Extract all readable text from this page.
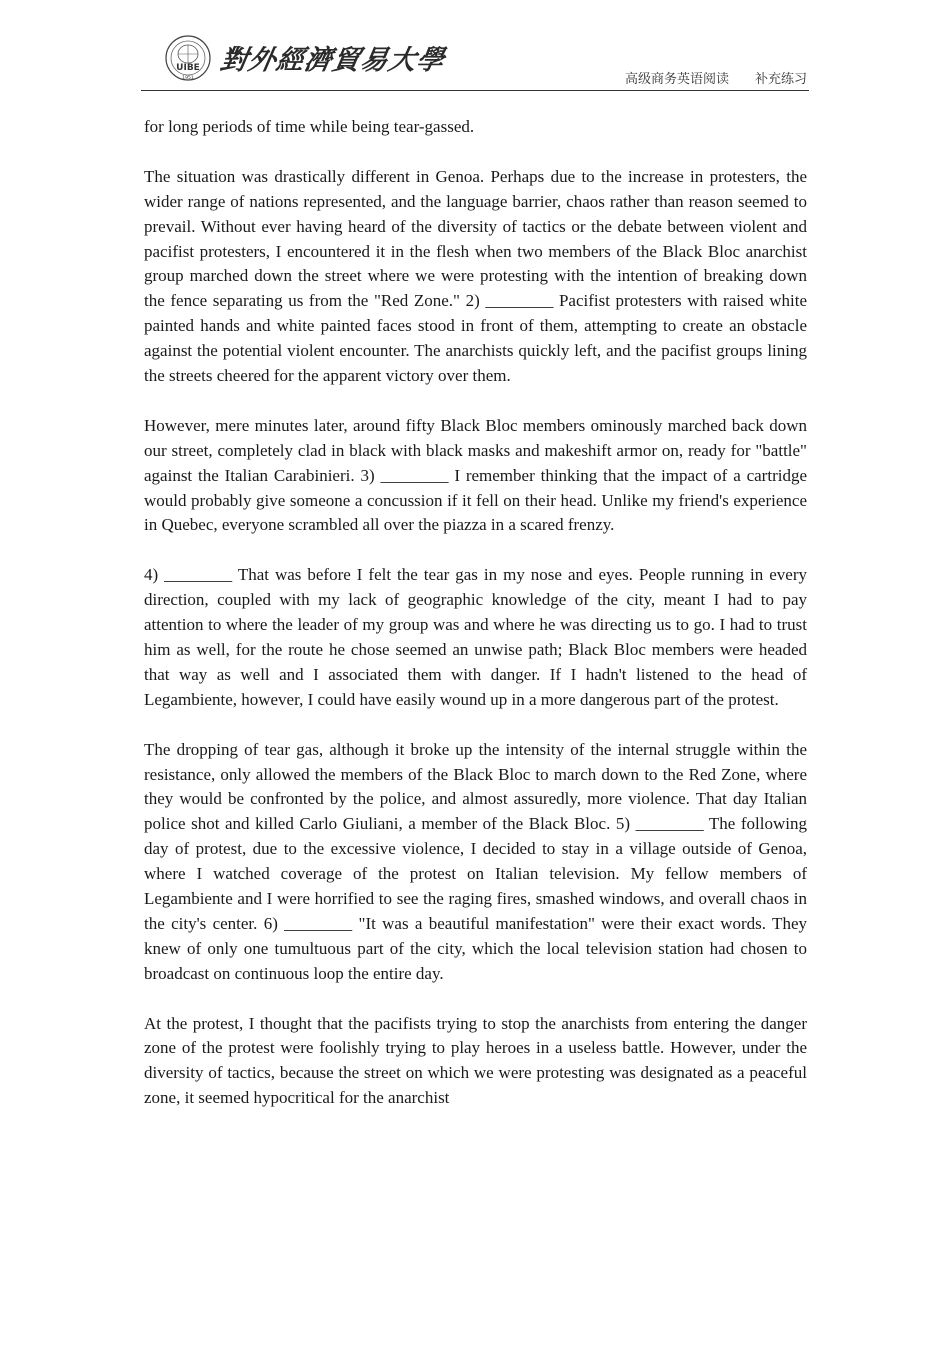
UIBE
1951
對外經濟貿易大學
高级商务英语阅读 补充练习

for long periods of time while being tear-gassed.

The situation was drastically different in Genoa. Perhaps due to the increase in protesters, the wider range of nations represented, and the language barrier, chaos rather than reason seemed to prevail. Without ever having heard of the diversity of tactics or the debate between violent and pacifist protesters, I encountered it in the flesh when two members of the Black Bloc anarchist group marched down the street where we were protesting with the intention of breaking down the fence separating us from the "Red Zone." 2) ________ Pacifist protesters with raised white painted hands and white painted faces stood in front of them, attempting to create an obstacle against the potential violent encounter. The anarchists quickly left, and the pacifist groups lining the streets cheered for the apparent victory over them.

However, mere minutes later, around fifty Black Bloc members ominously marched back down our street, completely clad in black with black masks and makeshift armor on, ready for "battle" against the Italian Carabinieri. 3) ________ I remember thinking that the impact of a cartridge would probably give someone a concussion if it fell on their head. Unlike my friend's experience in Quebec, everyone scrambled all over the piazza in a scared frenzy.

4) ________ That was before I felt the tear gas in my nose and eyes. People running in every direction, coupled with my lack of geographic knowledge of the city, meant I had to pay attention to where the leader of my group was and where he was directing us to go. I had to trust him as well, for the route he chose seemed an unwise path; Black Bloc members were headed that way as well and I associated them with danger. If I hadn't listened to the head of Legambiente, however, I could have easily wound up in a more dangerous part of the protest.

The dropping of tear gas, although it broke up the intensity of the internal struggle within the resistance, only allowed the members of the Black Bloc to march down to the Red Zone, where they would be confronted by the police, and almost assuredly, more violence. That day Italian police shot and killed Carlo Giuliani, a member of the Black Bloc. 5) ________ The following day of protest, due to the excessive violence, I decided to stay in a village outside of Genoa, where I watched coverage of the protest on Italian television. My fellow members of Legambiente and I were horrified to see the raging fires, smashed windows, and overall chaos in the city's center. 6) ________ "It was a beautiful manifestation" were their exact words. They knew of only one tumultuous part of the city, which the local television station had chosen to broadcast on continuous loop the entire day.

At the protest, I thought that the pacifists trying to stop the anarchists from entering the danger zone of the protest were foolishly trying to play heroes in a useless battle. However, under the diversity of tactics, because the street on which we were protesting was designated as a peaceful zone, it seemed hypocritical for the anarchist
